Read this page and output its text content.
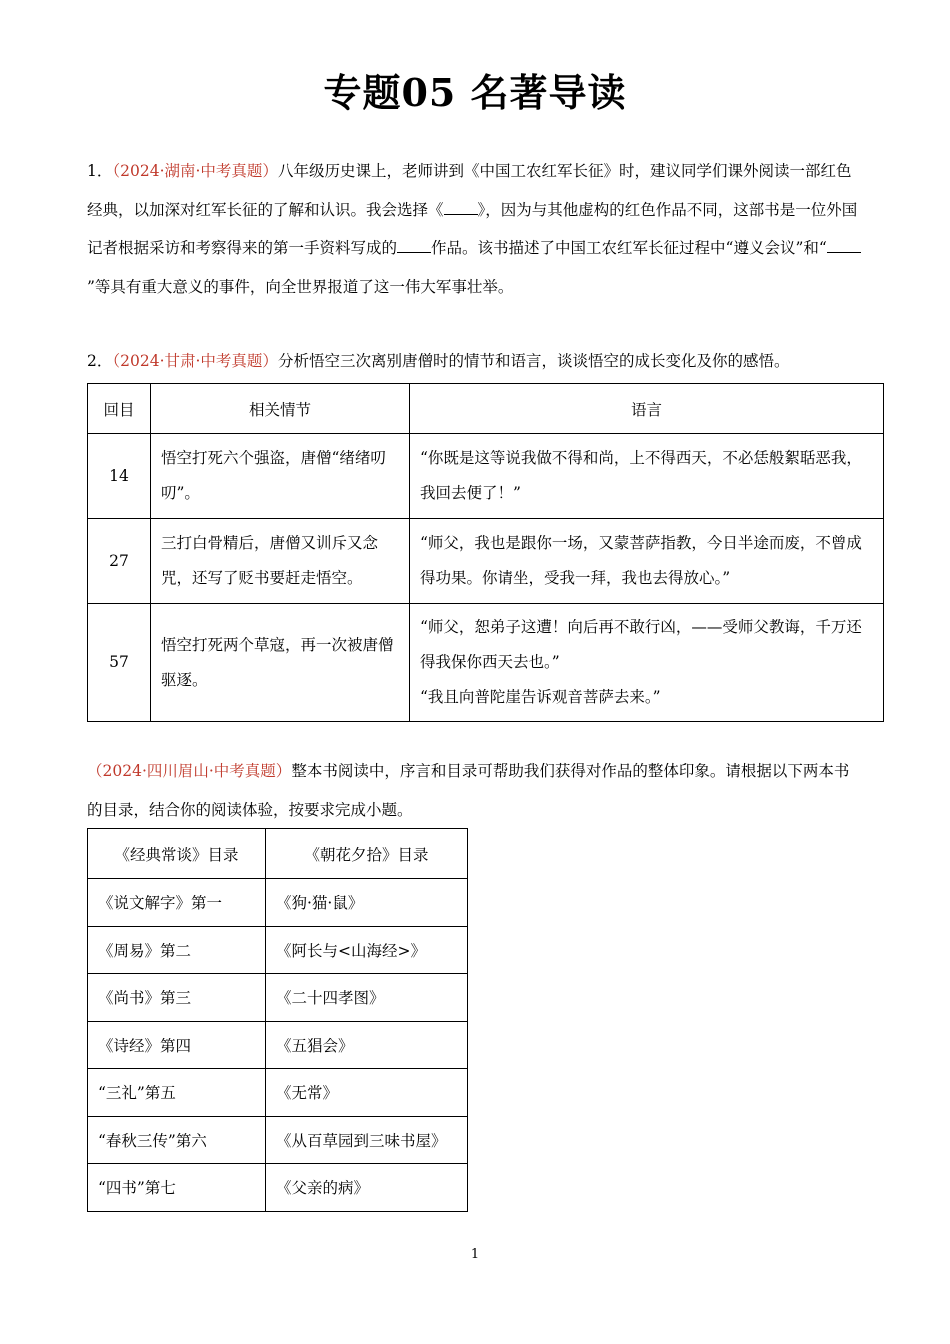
专题05 名著导读
1．（2024·湖南·中考真题）八年级历史课上，老师讲到《中国工农红军长征》时，建议同学们课外阅读一部红色经典，以加深对红军长征的了解和认识。我会选择《 》，因为与其他虚构的红色作品不同，这部书是一位外国记者根据采访和考察得来的第一手资料写成的 作品。该书描述了中国工农红军长征过程中“遵义会议”和“”等具有重大意义的事件，向全世界报道了这一伟大军事壮举。
2．（2024·甘肃·中考真题）分析悟空三次离别唐僧时的情节和语言，谈谈悟空的成长变化及你的感悟。
回目	相关情节	语言
14	悟空打死六个强盗，唐僧“绪绪叨叨”。	“你既是这等说我做不得和尚，上不得西天，不必恁般絮聒恶我，我回去便了！”
27	三打白骨精后，唐僧又训斥又念咒，还写了贬书要赶走悟空。	“师父，我也是跟你一场，又蒙菩萨指教，今日半途而废，不曾成得功果。你请坐，受我一拜，我也去得放心。”
57	悟空打死两个草寇，再一次被唐僧驱逐。	“师父，恕弟子这遭！向后再不敢行凶，——受师父教诲，千万还得我保你西天去也。”
“我且向普陀崖告诉观音菩萨去来。”
（2024·四川眉山·中考真题）整本书阅读中，序言和目录可帮助我们获得对作品的整体印象。请根据以下两本书的目录，结合你的阅读体验，按要求完成小题。
《经典常谈》目录	《朝花夕拾》目录
《说文解字》第一	《狗·猫·鼠》
《周易》第二	《阿长与<山海经>》
《尚书》第三	《二十四孝图》
《诗经》第四	《五猖会》
“三礼”第五	《无常》
“春秋三传”第六	《从百草园到三味书屋》
“四书”第七	《父亲的病》
1
